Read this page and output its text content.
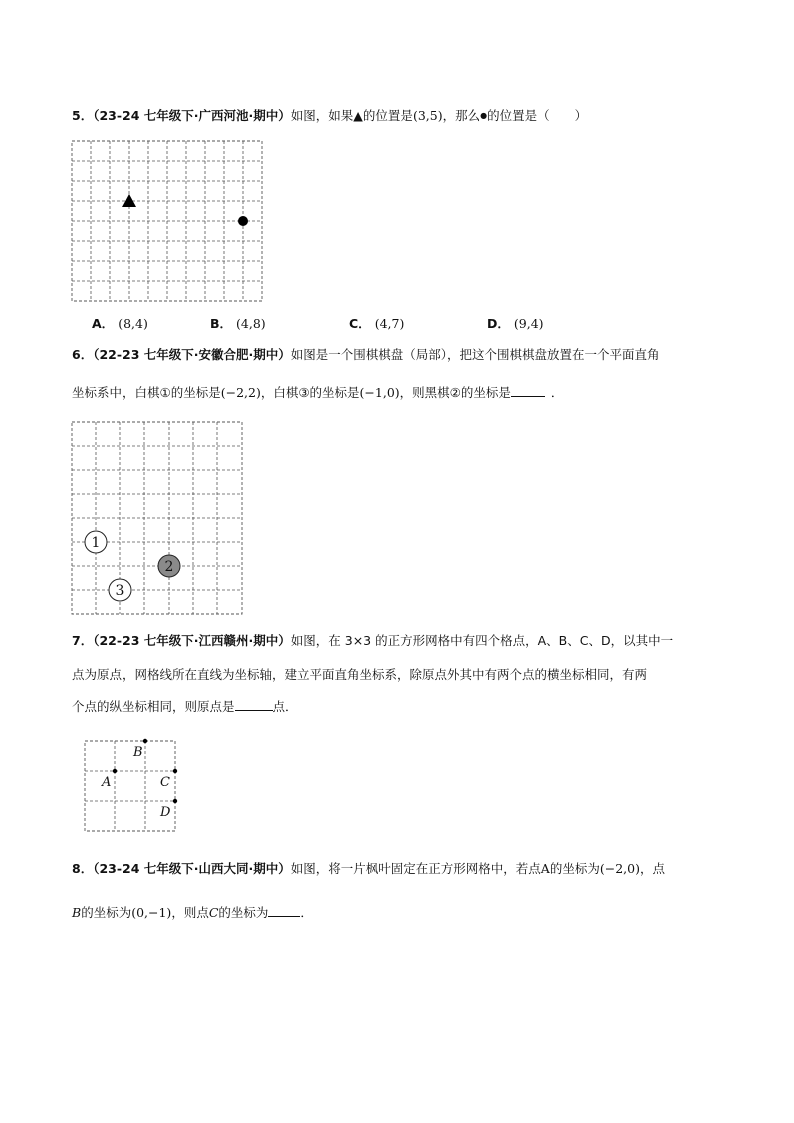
5．（23-24 七年级下·广西河池·期中）如图，如果▲的位置是(3,5)，那么●的位置是（　　）
A． (8,4)	B． (4,8)	C． (4,7)	D． (9,4)
6．（22-23 七年级下·安徽合肥·期中）如图是一个围棋棋盘（局部），把这个围棋棋盘放置在一个平面直角
坐标系中，白棋①的坐标是(−2,2)，白棋③的坐标是(−1,0)，则黑棋②的坐标是	．
1
2
3
7．（22-23 七年级下·江西赣州·期中）如图，在 3×3 的正方形网格中有四个格点，A、B、C、D，以其中一
点为原点，网格线所在直线为坐标轴，建立平面直角坐标系，除原点外其中有两个点的横坐标相同，有两
个点的纵坐标相同，则原点是	点．
A
B
C
D
8．（23-24 七年级下·山西大同·期中）如图，将一片枫叶固定在正方形网格中，若点A的坐标为(−2,0)，点
B的坐标为(0,−1)，则点C的坐标为	．
